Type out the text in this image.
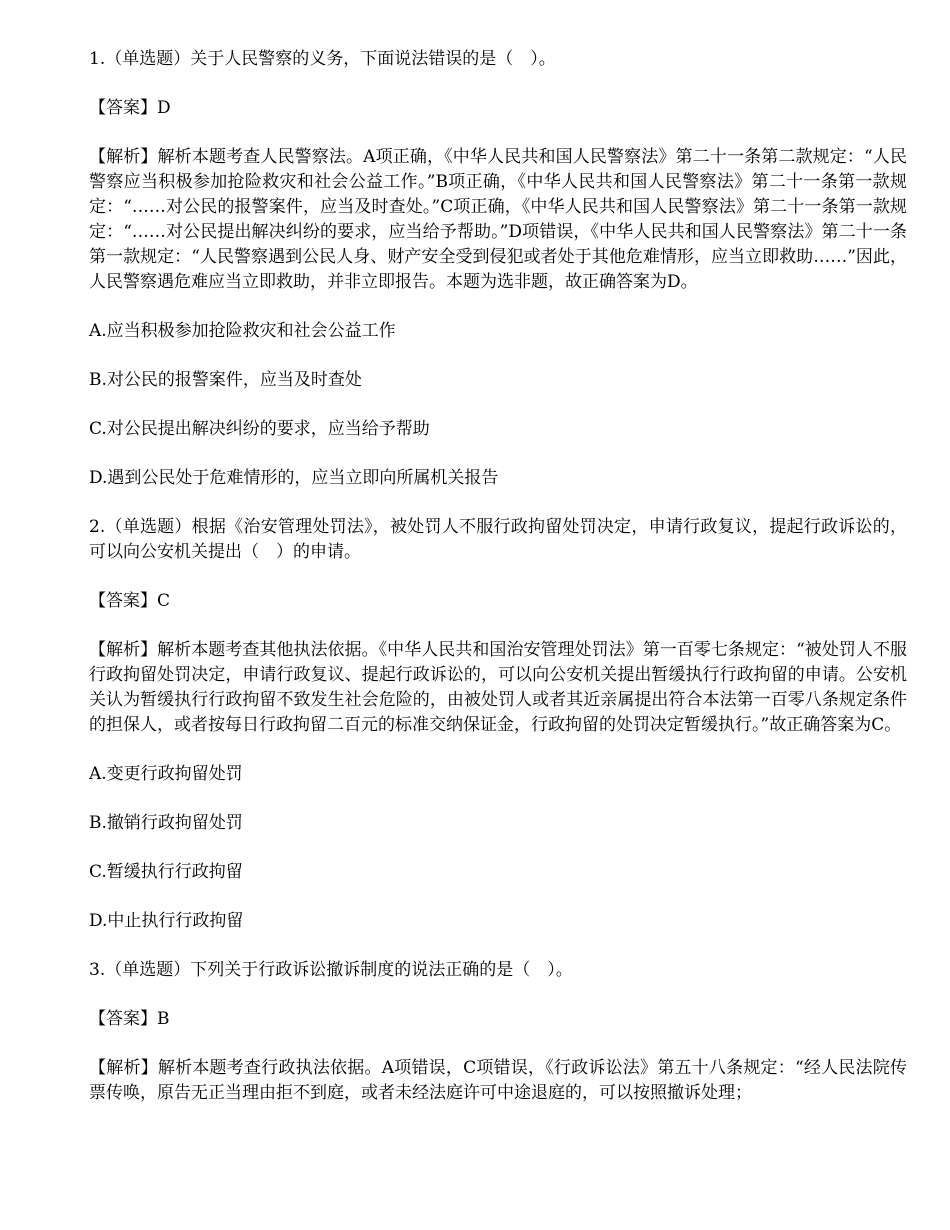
1.（单选题）关于人民警察的义务，下面说法错误的是（　）。

【答案】D

【解析】解析本题考查人民警察法。A项正确，《中华人民共和国人民警察法》第二十一条第二款规定：“人民警察应当积极参加抢险救灾和社会公益工作。”B项正确，《中华人民共和国人民警察法》第二十一条第一款规定：“……对公民的报警案件，应当及时查处。”C项正确，《中华人民共和国人民警察法》第二十一条第一款规定：“……对公民提出解决纠纷的要求，应当给予帮助。”D项错误，《中华人民共和国人民警察法》第二十一条第一款规定：“人民警察遇到公民人身、财产安全受到侵犯或者处于其他危难情形，应当立即救助……”因此，人民警察遇危难应当立即救助，并非立即报告。本题为选非题，故正确答案为D。

A.应当积极参加抢险救灾和社会公益工作

B.对公民的报警案件，应当及时查处

C.对公民提出解决纠纷的要求，应当给予帮助

D.遇到公民处于危难情形的，应当立即向所属机关报告

2.（单选题）根据《治安管理处罚法》，被处罚人不服行政拘留处罚决定，申请行政复议，提起行政诉讼的，可以向公安机关提出（　）的申请。

【答案】C

【解析】解析本题考查其他执法依据。《中华人民共和国治安管理处罚法》第一百零七条规定：“被处罚人不服行政拘留处罚决定，申请行政复议、提起行政诉讼的，可以向公安机关提出暂缓执行行政拘留的申请。公安机关认为暂缓执行行政拘留不致发生社会危险的，由被处罚人或者其近亲属提出符合本法第一百零八条规定条件的担保人，或者按每日行政拘留二百元的标准交纳保证金，行政拘留的处罚决定暂缓执行。”故正确答案为C。

A.变更行政拘留处罚

B.撤销行政拘留处罚

C.暂缓执行行政拘留

D.中止执行行政拘留

3.（单选题）下列关于行政诉讼撤诉制度的说法正确的是（　）。

【答案】B

【解析】解析本题考查行政执法依据。A项错误，C项错误，《行政诉讼法》第五十八条规定：“经人民法院传票传唤，原告无正当理由拒不到庭，或者未经法庭许可中途退庭的，可以按照撤诉处理；
